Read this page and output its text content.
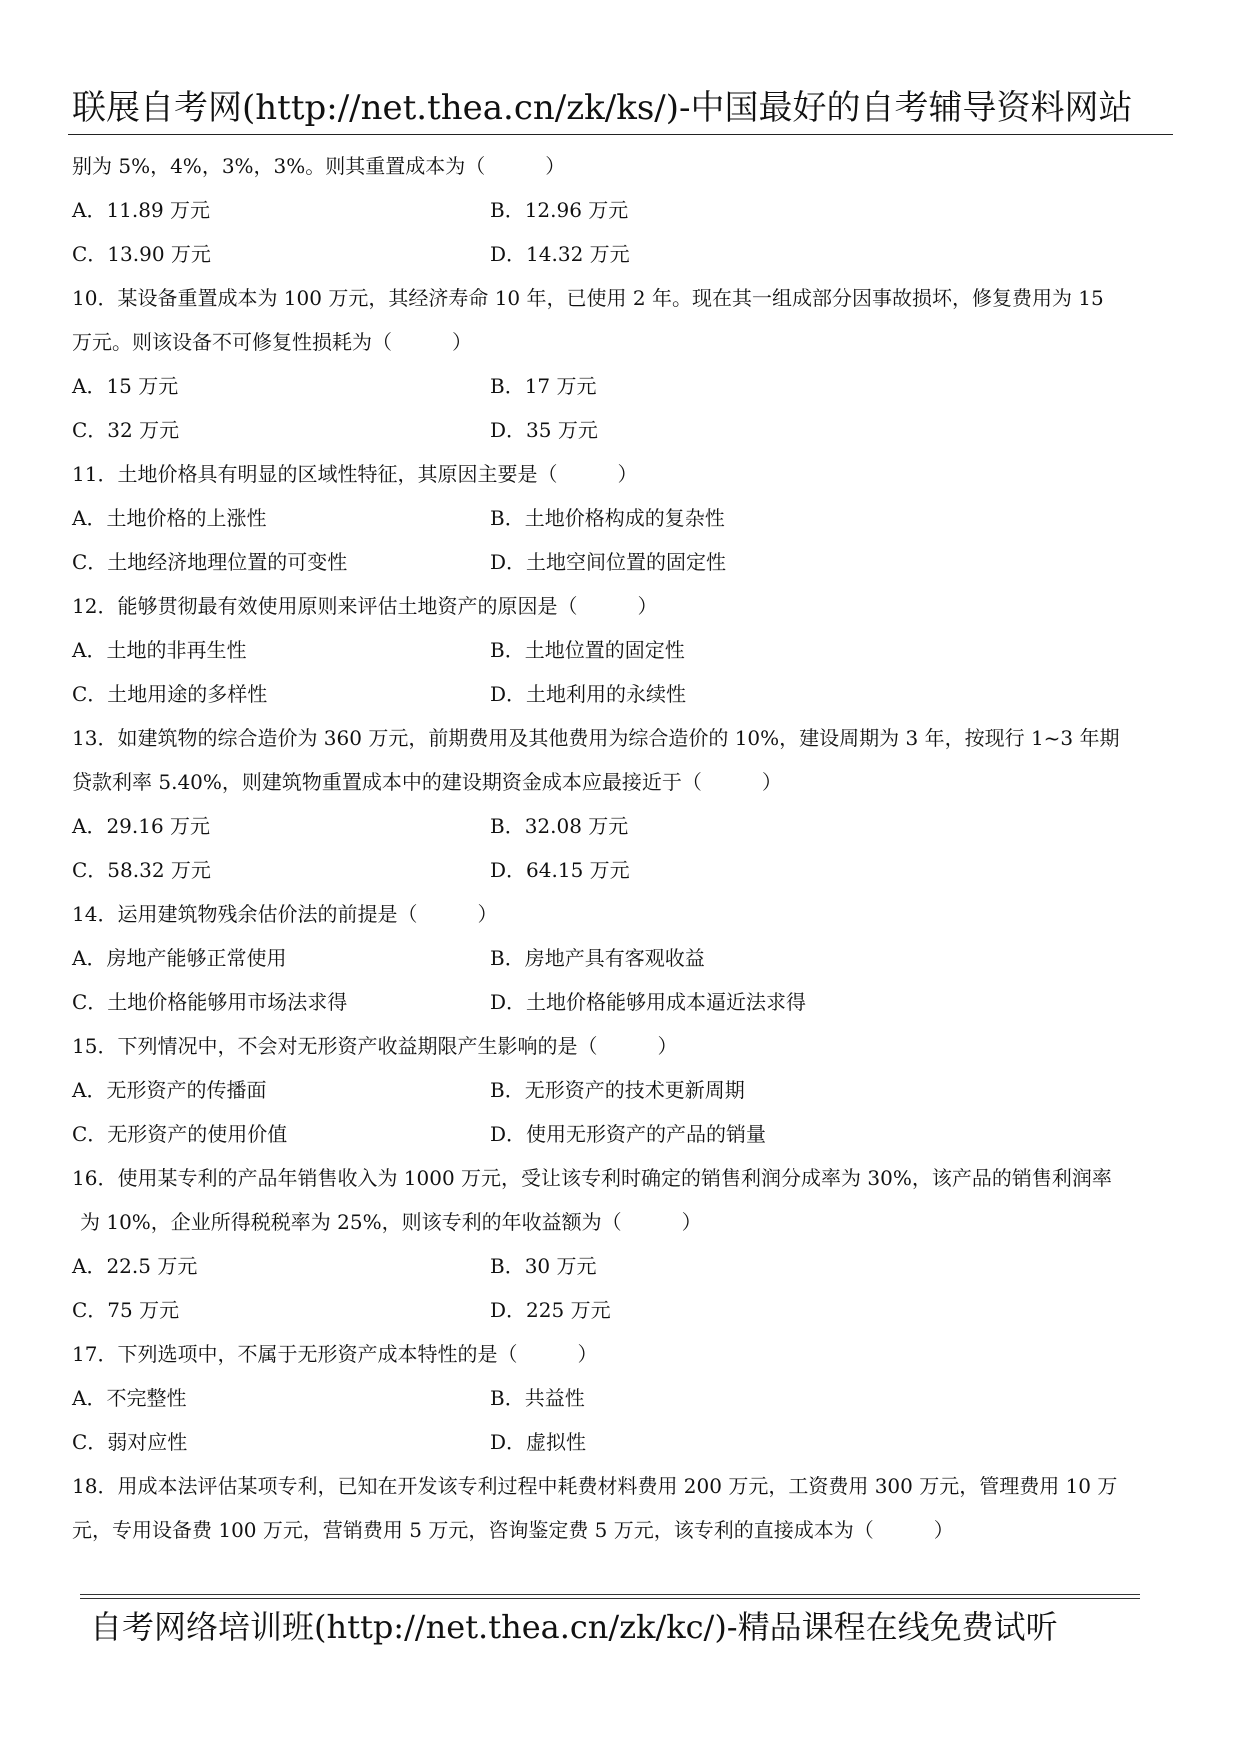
联展自考网(http://net.thea.cn/zk/ks/)-中国最好的自考辅导资料网站
别为 5%，4%，3%，3%。则其重置成本为（　　　）
A．11.89 万元	B．12.96 万元
C．13.90 万元	D．14.32 万元
10．某设备重置成本为 100 万元，其经济寿命 10 年，已使用 2 年。现在其一组成部分因事故损坏，修复费用为 15
万元。则该设备不可修复性损耗为（　　　）
A．15 万元	B．17 万元
C．32 万元	D．35 万元
11．土地价格具有明显的区域性特征，其原因主要是（　　　）
A．土地价格的上涨性	B．土地价格构成的复杂性
C．土地经济地理位置的可变性	D．土地空间位置的固定性
12．能够贯彻最有效使用原则来评估土地资产的原因是（　　　）
A．土地的非再生性	B．土地位置的固定性
C．土地用途的多样性	D．土地利用的永续性
13．如建筑物的综合造价为 360 万元，前期费用及其他费用为综合造价的 10%，建设周期为 3 年，按现行 1~3 年期
贷款利率 5.40%，则建筑物重置成本中的建设期资金成本应最接近于（　　　）
A．29.16 万元	B．32.08 万元
C．58.32 万元	D．64.15 万元
14．运用建筑物残余估价法的前提是（　　　）
A．房地产能够正常使用	B．房地产具有客观收益
C．土地价格能够用市场法求得	D．土地价格能够用成本逼近法求得
15．下列情况中，不会对无形资产收益期限产生影响的是（　　　）
A．无形资产的传播面	B．无形资产的技术更新周期
C．无形资产的使用价值	D．使用无形资产的产品的销量
16．使用某专利的产品年销售收入为 1000 万元，受让该专利时确定的销售利润分成率为 30%，该产品的销售利润率
为 10%，企业所得税税率为 25%，则该专利的年收益额为（　　　）
A．22.5 万元	B．30 万元
C．75 万元	D．225 万元
17．下列选项中，不属于无形资产成本特性的是（　　　）
A．不完整性	B．共益性
C．弱对应性	D．虚拟性
18．用成本法评估某项专利，已知在开发该专利过程中耗费材料费用 200 万元，工资费用 300 万元，管理费用 10 万
元，专用设备费 100 万元，营销费用 5 万元，咨询鉴定费 5 万元，该专利的直接成本为（　　　）
自考网络培训班(http://net.thea.cn/zk/kc/)-精品课程在线免费试听
